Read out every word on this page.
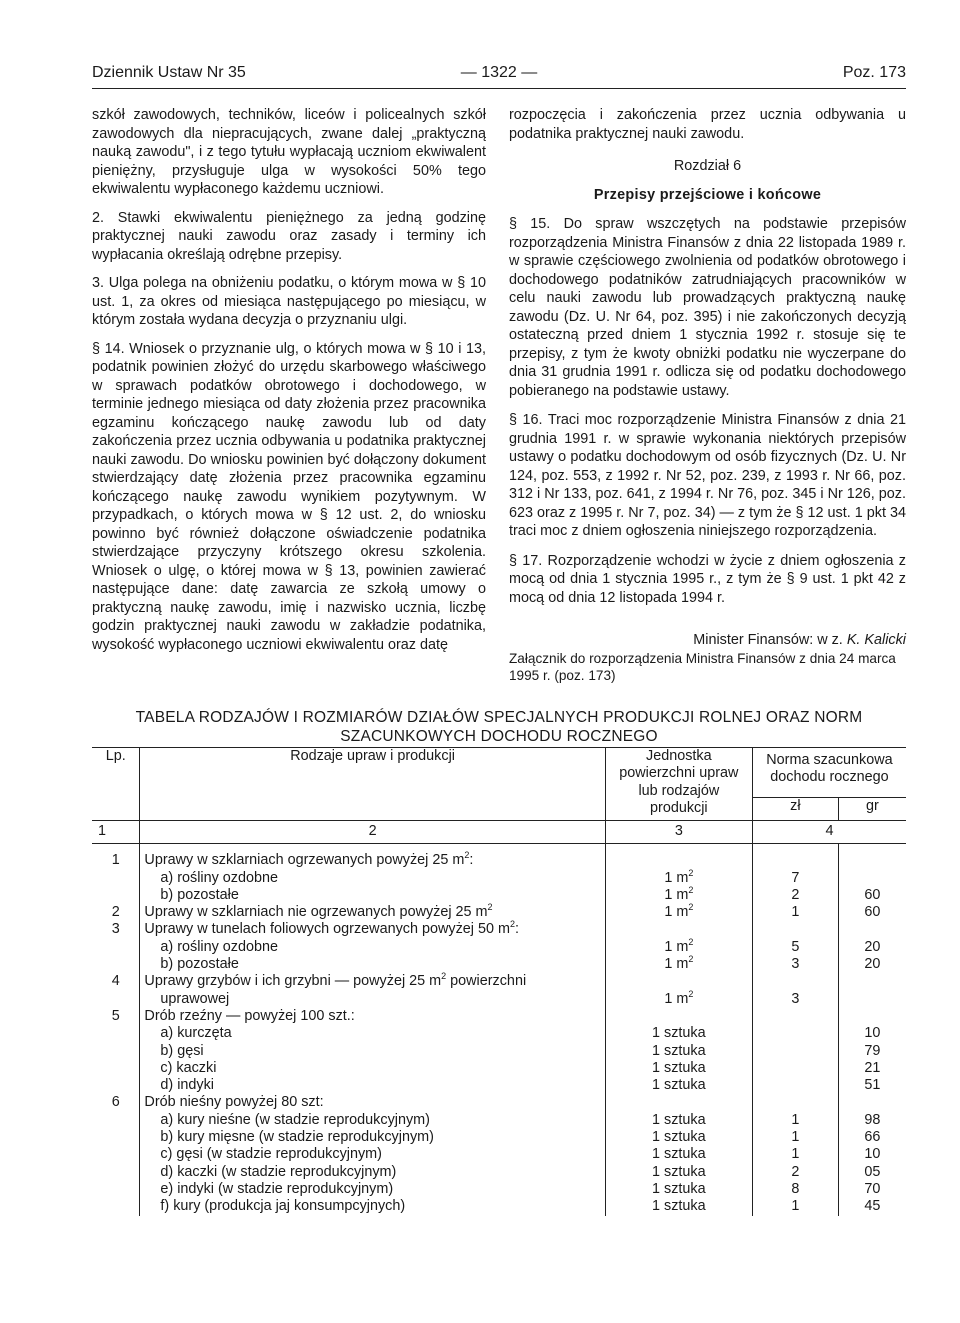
Dziennik Ustaw Nr 35	— 1322 —	Poz. 173

szkół zawodowych, techników, liceów i policealnych szkół zawodowych dla niepracujących, zwane dalej „praktyczną nauką zawodu", i z tego tytułu wypłacają uczniom ekwiwalent pieniężny, przysługuje ulga w wysokości 50% tego ekwiwalentu wypłaconego każdemu uczniowi.

2. Stawki ekwiwalentu pieniężnego za jedną godzinę praktycznej nauki zawodu oraz zasady i terminy ich wypłacania określają odrębne przepisy.

3. Ulga polega na obniżeniu podatku, o którym mowa w § 10 ust. 1, za okres od miesiąca następującego po miesiącu, w którym została wydana decyzja o przyznaniu ulgi.

§ 14. Wniosek o przyznanie ulg, o których mowa w § 10 i 13, podatnik powinien złożyć do urzędu skarbowego właściwego w sprawach podatków obrotowego i dochodowego, w terminie jednego miesiąca od daty złożenia przez pracownika egzaminu kończącego naukę zawodu lub od daty zakończenia przez ucznia odbywania u podatnika praktycznej nauki zawodu. Do wniosku powinien być dołączony dokument stwierdzający datę złożenia przez pracownika egzaminu kończącego naukę zawodu wynikiem pozytywnym. W przypadkach, o których mowa w § 12 ust. 2, do wniosku powinno być również dołączone oświadczenie podatnika stwierdzające przyczyny krótszego okresu szkolenia. Wniosek o ulgę, o której mowa w § 13, powinien zawierać następujące dane: datę zawarcia ze szkołą umowy o praktyczną naukę zawodu, imię i nazwisko ucznia, liczbę godzin praktycznej nauki zawodu w zakładzie podatnika, wysokość wypłaconego uczniowi ekwiwalentu oraz datę

rozpoczęcia i zakończenia przez ucznia odbywania u podatnika praktycznej nauki zawodu.

Rozdział 6

Przepisy przejściowe i końcowe

§ 15. Do spraw wszczętych na podstawie przepisów rozporządzenia Ministra Finansów z dnia 22 listopada 1989 r. w sprawie częściowego zwolnienia od podatków obrotowego i dochodowego podatników zatrudniających pracowników w celu nauki zawodu lub prowadzących praktyczną naukę zawodu (Dz. U. Nr 64, poz. 395) i nie zakończonych decyzją ostateczną przed dniem 1 stycznia 1992 r. stosuje się te przepisy, z tym że kwoty obniżki podatku nie wyczerpane do dnia 31 grudnia 1991 r. odlicza się od podatku dochodowego pobieranego na podstawie ustawy.

§ 16. Traci moc rozporządzenie Ministra Finansów z dnia 21 grudnia 1991 r. w sprawie wykonania niektórych przepisów ustawy o podatku dochodowym od osób fizycznych (Dz. U. Nr 124, poz. 553, z 1992 r. Nr 52, poz. 239, z 1993 r. Nr 66, poz. 312 i Nr 133, poz. 641, z 1994 r. Nr 76, poz. 345 i Nr 126, poz. 623 oraz z 1995 r. Nr 7, poz. 34) — z tym że § 12 ust. 1 pkt 34 traci moc z dniem ogłoszenia niniejszego rozporządzenia.

§ 17. Rozporządzenie wchodzi w życie z dniem ogłoszenia z mocą od dnia 1 stycznia 1995 r., z tym że § 9 ust. 1 pkt 42 z mocą od dnia 12 listopada 1994 r.

Minister Finansów: w z. K. Kalicki

Załącznik do rozporządzenia Ministra Finansów z dnia 24 marca 1995 r. (poz. 173)

TABELA RODZAJÓW I ROZMIARÓW DZIAŁÓW SPECJALNYCH PRODUKCJI ROLNEJ ORAZ NORM
SZACUNKOWYCH DOCHODU ROCZNEGO
Lp.	Rodzaje upraw i produkcji	Jednostka powierzchni upraw lub rodzajów produkcji	Norma szacunkowa dochodu rocznego	
			zł	gr
1	2	3	4	
1	Uprawy w szklarniach ogrzewanych powyżej 25 $m^2$:			
	a) rośliny ozdobne	1 $m^2$	7	
	b) pozostałe	1 $m^2$	2	60
2	Uprawy w szklarniach nie ogrzewanych powyżej 25 $m^2$	1 $m^2$	1	60
3	Uprawy w tunelach foliowych ogrzewanych powyżej 50 $m^2$:			
	a) rośliny ozdobne	1 $m^2$	5	20
	b) pozostałe	1 $m^2$	3	20
4	Uprawy grzybów i ich grzybni — powyżej 25 $m^2$ powierzchni
uprawowej	1 $m^2$	3	
5	Drób rzeźny — powyżej 100 szt.:			
	a) kurczęta	1 sztuka		10
	b) gęsi	1 sztuka		79
	c) kaczki	1 sztuka		21
	d) indyki	1 sztuka		51
6	Drób nieśny powyżej 80 szt:			
	a) kury nieśne (w stadzie reprodukcyjnym)	1 sztuka	1	98
	b) kury mięsne (w stadzie reprodukcyjnym)	1 sztuka	1	66
	c) gęsi (w stadzie reprodukcyjnym)	1 sztuka	1	10
	d) kaczki (w stadzie reprodukcyjnym)	1 sztuka	2	05
	e) indyki (w stadzie reprodukcyjnym)	1 sztuka	8	70
	f) kury (produkcja jaj konsumpcyjnych)	1 sztuka	1	45
